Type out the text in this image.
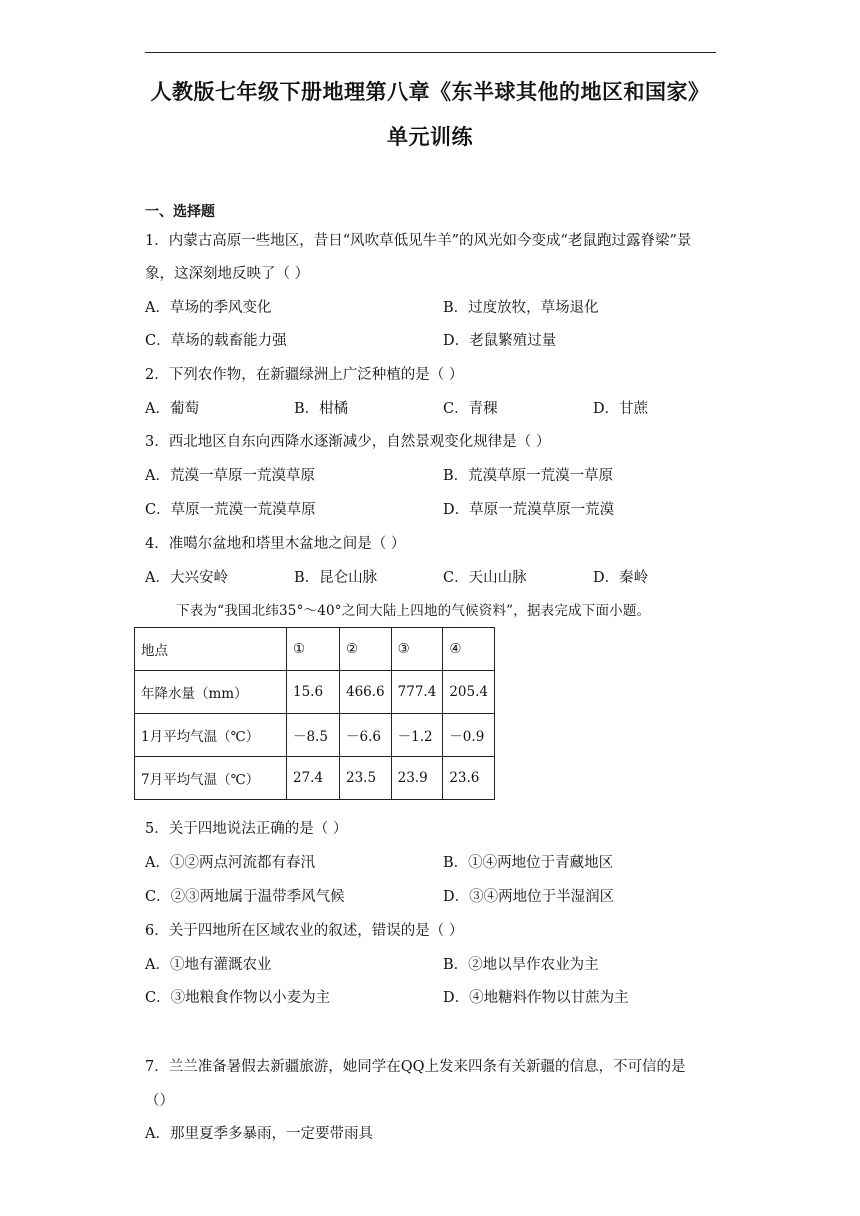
人教版七年级下册地理第八章《东半球其他的地区和国家》
单元训练
一、选择题
1．内蒙古高原一些地区，昔日“风吹草低见牛羊”的风光如今变成“老鼠跑过露脊梁”景
象，这深刻地反映了（ ）
A．草场的季风变化	B．过度放牧，草场退化
C．草场的载畜能力强	D．老鼠繁殖过量
2．下列农作物，在新疆绿洲上广泛种植的是（ ）
A．葡萄	B．柑橘	C．青稞	D．甘蔗
3．西北地区自东向西降水逐渐减少，自然景观变化规律是（ ）
A．荒漠一草原一荒漠草原	B．荒漠草原一荒漠一草原
C．草原一荒漠一荒漠草原	D．草原一荒漠草原一荒漠
4．准噶尔盆地和塔里木盆地之间是（ ）
A．大兴安岭	B．昆仑山脉	C．天山山脉	D．秦岭
下表为“我国北纬35°～40°之间大陆上四地的气候资料”，据表完成下面小题。
地点	①	②	③	④
年降水量（mm）	15.6	466.6	777.4	205.4
1月平均气温（℃）	－8.5	－6.6	－1.2	－0.9
7月平均气温（℃）	27.4	23.5	23.9	23.6
5．关于四地说法正确的是（ ）
A．①②两点河流都有春汛	B．①④两地位于青藏地区
C．②③两地属于温带季风气候	D．③④两地位于半湿润区
6．关于四地所在区域农业的叙述，错误的是（ ）
A．①地有灌溉农业	B．②地以旱作农业为主
C．③地粮食作物以小麦为主	D．④地糖料作物以甘蔗为主
7．兰兰准备暑假去新疆旅游，她同学在QQ上发来四条有关新疆的信息，不可信的是
（）
A．那里夏季多暴雨，一定要带雨具
